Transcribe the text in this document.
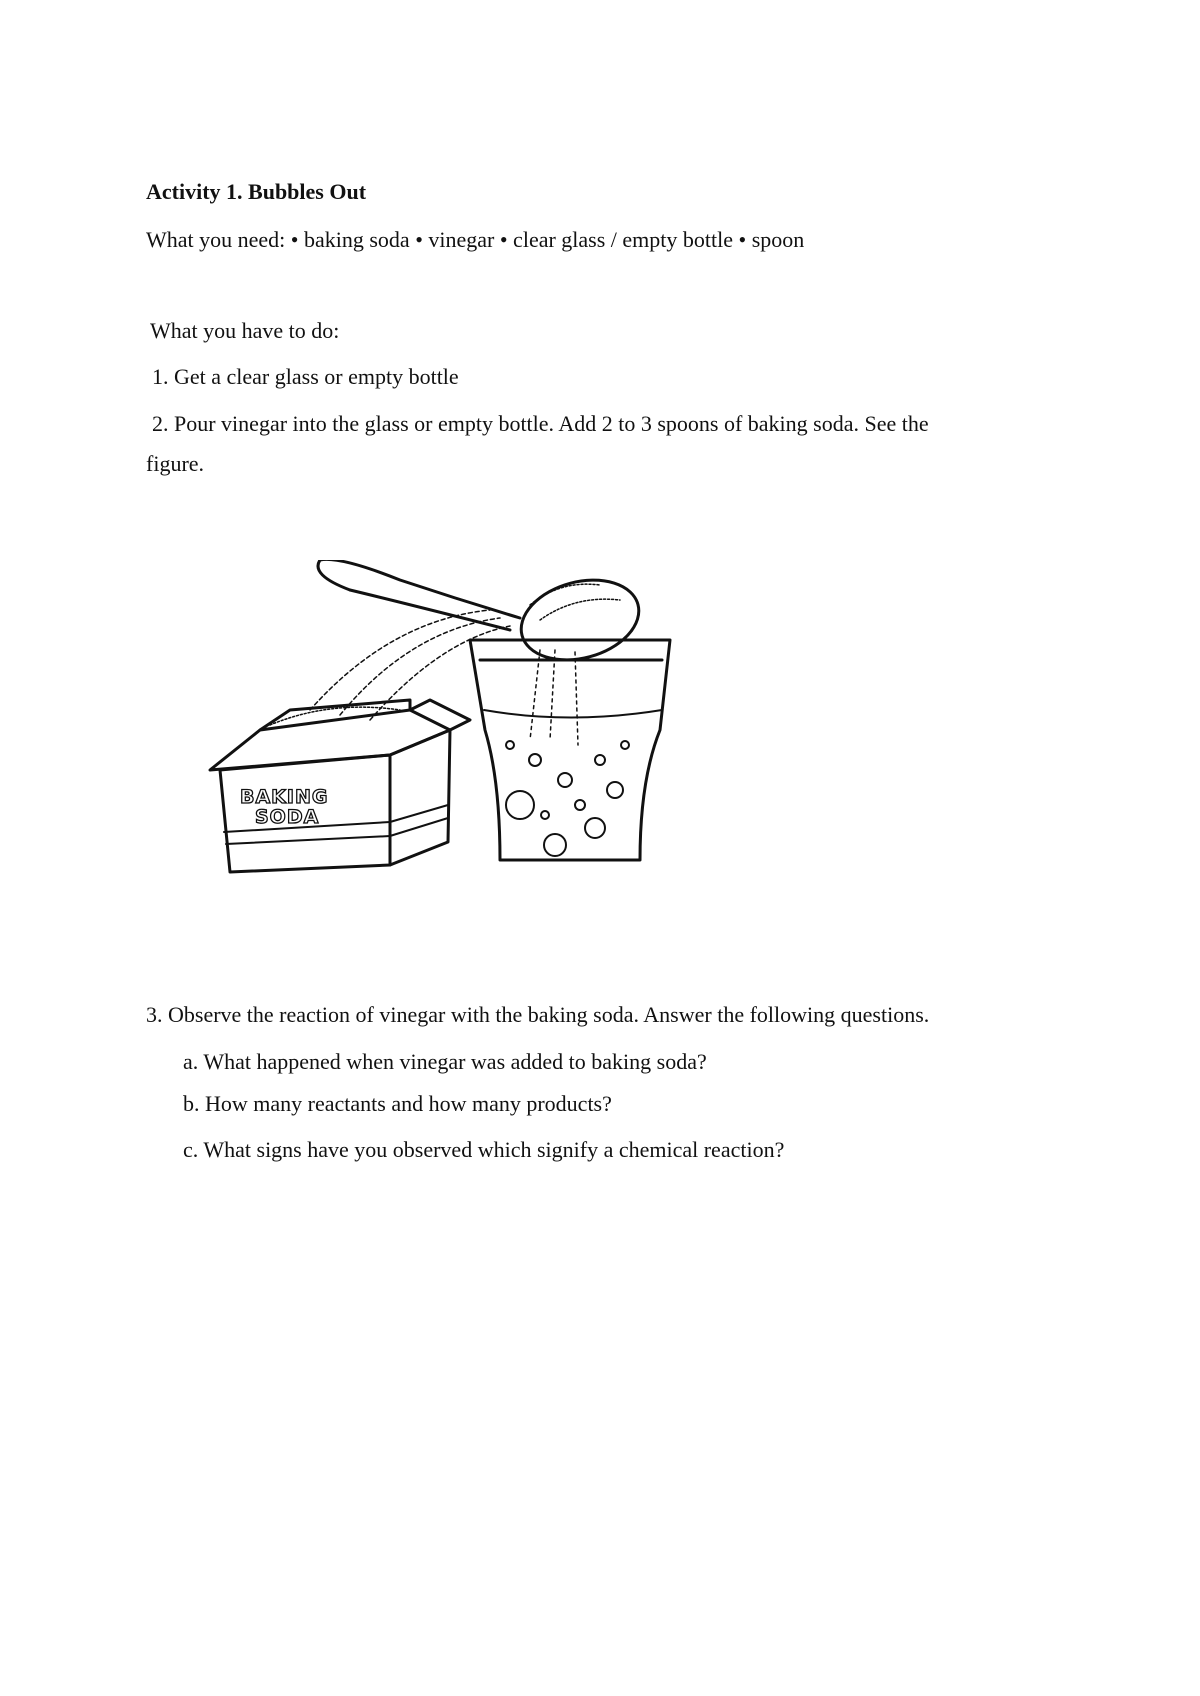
Activity 1. Bubbles Out
What you need: • baking soda • vinegar • clear glass / empty bottle • spoon
What you have to do:
1. Get a clear glass or empty bottle
2. Pour vinegar into the glass or empty bottle. Add 2 to 3 spoons of baking soda. See the
figure.
BAKING
SODA
3. Observe the reaction of vinegar with the baking soda. Answer the following questions.
a. What happened when vinegar was added to baking soda?
b. How many reactants and how many products?
c. What signs have you observed which signify a chemical reaction?
